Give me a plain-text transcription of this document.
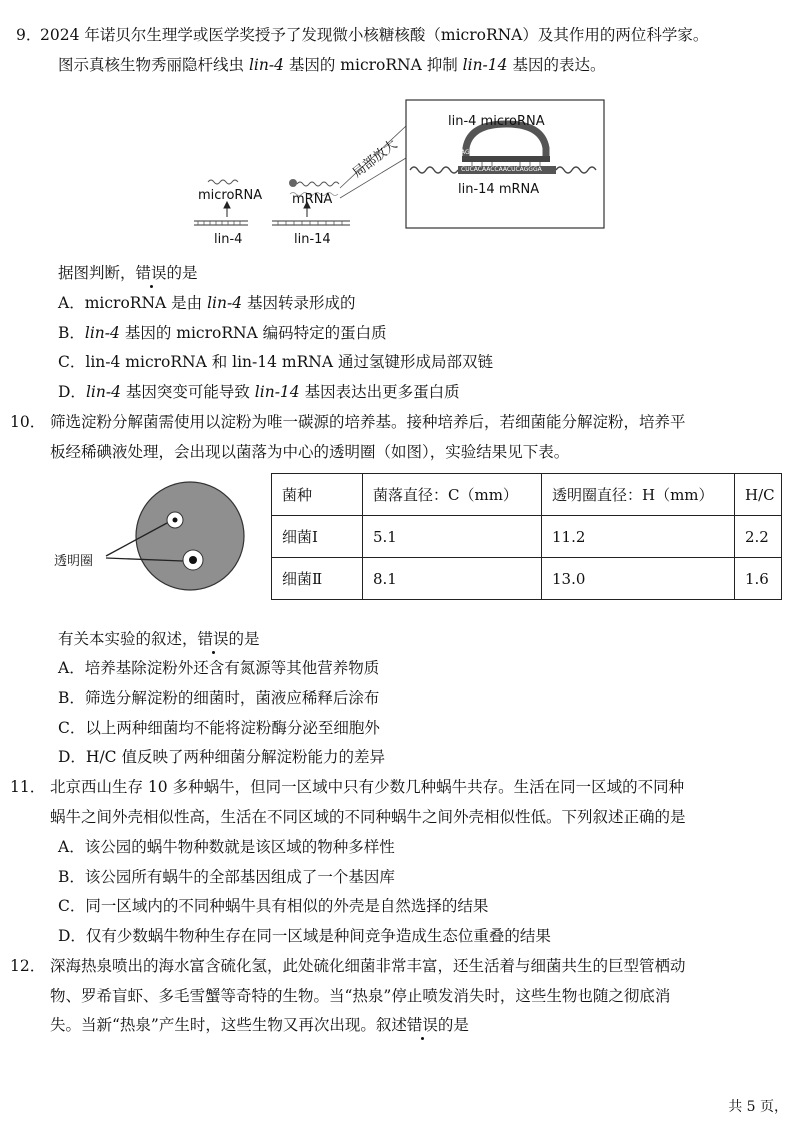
9．
2024 年诺贝尔生理学或医学奖授予了发现微小核糖核酸（microRNA）及其作用的两位科学家。
图示真核生物秀丽隐杆线虫 lin-4 基因的 microRNA 抑制 lin-14 基因的表达。
microRNA mRNA
lin-4	lin-14
局部放大
lin-4 microRNA
lin-14 mRNA
AGUGU	GAGUCCC
CUCACAACCAACUCAGGGA
据图判断，错误的是
A．microRNA 是由 lin-4 基因转录形成的
B．lin-4 基因的 microRNA 编码特定的蛋白质
C．lin-4 microRNA 和 lin-14 mRNA 通过氢键形成局部双链
D．lin-4 基因突变可能导致 lin-14 基因表达出更多蛋白质
10． 筛选淀粉分解菌需使用以淀粉为唯一碳源的培养基。接种培养后，若细菌能分解淀粉，培养平
板经稀碘液处理，会出现以菌落为中心的透明圈（如图），实验结果见下表。
透明圈
菌种	菌落直径：C（mm）	透明圈直径：H（mm）	H/C
细菌Ⅰ	5.1	11.2	2.2
细菌Ⅱ	8.1	13.0	1.6
有关本实验的叙述，错误的是
A．培养基除淀粉外还含有氮源等其他营养物质
B．筛选分解淀粉的细菌时，菌液应稀释后涂布
C．以上两种细菌均不能将淀粉酶分泌至细胞外
D．H/C 值反映了两种细菌分解淀粉能力的差异
11． 北京西山生存 10 多种蜗牛，但同一区域中只有少数几种蜗牛共存。生活在同一区域的不同种
蜗牛之间外壳相似性高，生活在不同区域的不同种蜗牛之间外壳相似性低。下列叙述正确的是
A．该公园的蜗牛物种数就是该区域的物种多样性
B．该公园所有蜗牛的全部基因组成了一个基因库
C．同一区域内的不同种蜗牛具有相似的外壳是自然选择的结果
D．仅有少数蜗牛物种生存在同一区域是种间竞争造成生态位重叠的结果
12． 深海热泉喷出的海水富含硫化氢，此处硫化细菌非常丰富，还生活着与细菌共生的巨型管栖动
物、罗希盲虾、多毛雪蟹等奇特的生物。当“热泉”停止喷发消失时，这些生物也随之彻底消
失。当新“热泉”产生时，这些生物又再次出现。叙述错误的是
共 5 页，
